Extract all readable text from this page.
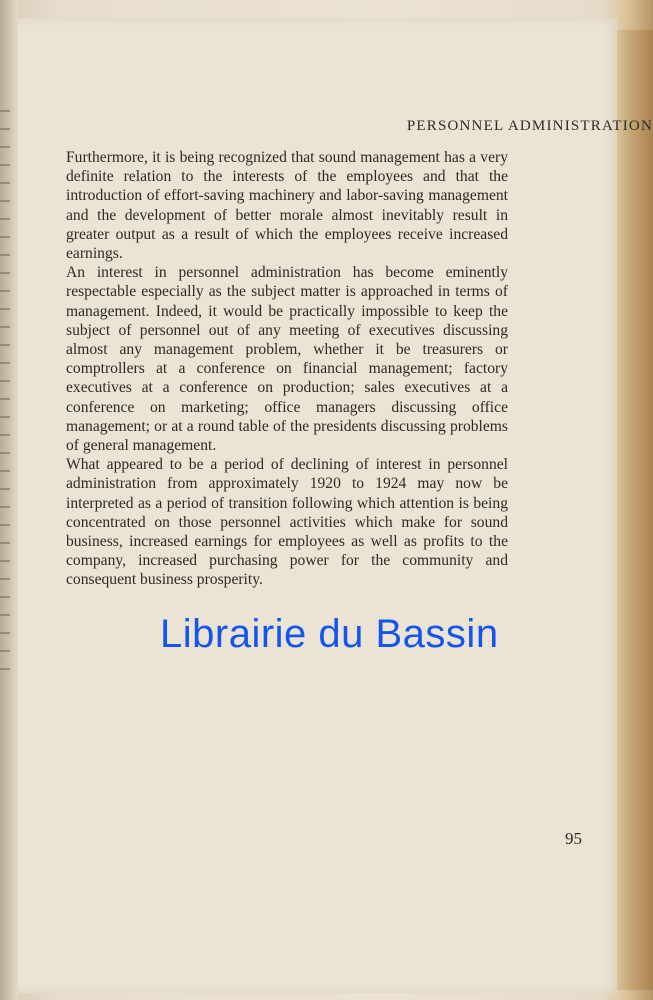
PERSONNEL ADMINISTRATION

Furthermore, it is being recognized that sound management has a very definite relation to the interests of the employees and that the introduction of effort-saving machinery and labor-saving management and the development of better morale almost inevitably result in greater output as a result of which the employees receive increased earnings.

An interest in personnel administration has become eminently respectable especially as the subject matter is approached in terms of management. Indeed, it would be practically impossible to keep the subject of personnel out of any meeting of executives discussing almost any management problem, whether it be treasurers or comptrollers at a conference on financial management; factory executives at a conference on production; sales executives at a conference on marketing; office managers discussing office management; or at a round table of the presidents discussing problems of general management.

What appeared to be a period of declining of interest in personnel administration from approximately 1920 to 1924 may now be interpreted as a period of transition following which attention is being concentrated on those personnel activities which make for sound business, increased earnings for employees as well as profits to the company, increased purchasing power for the community and consequent business prosperity.

Librairie du Bassin
95
